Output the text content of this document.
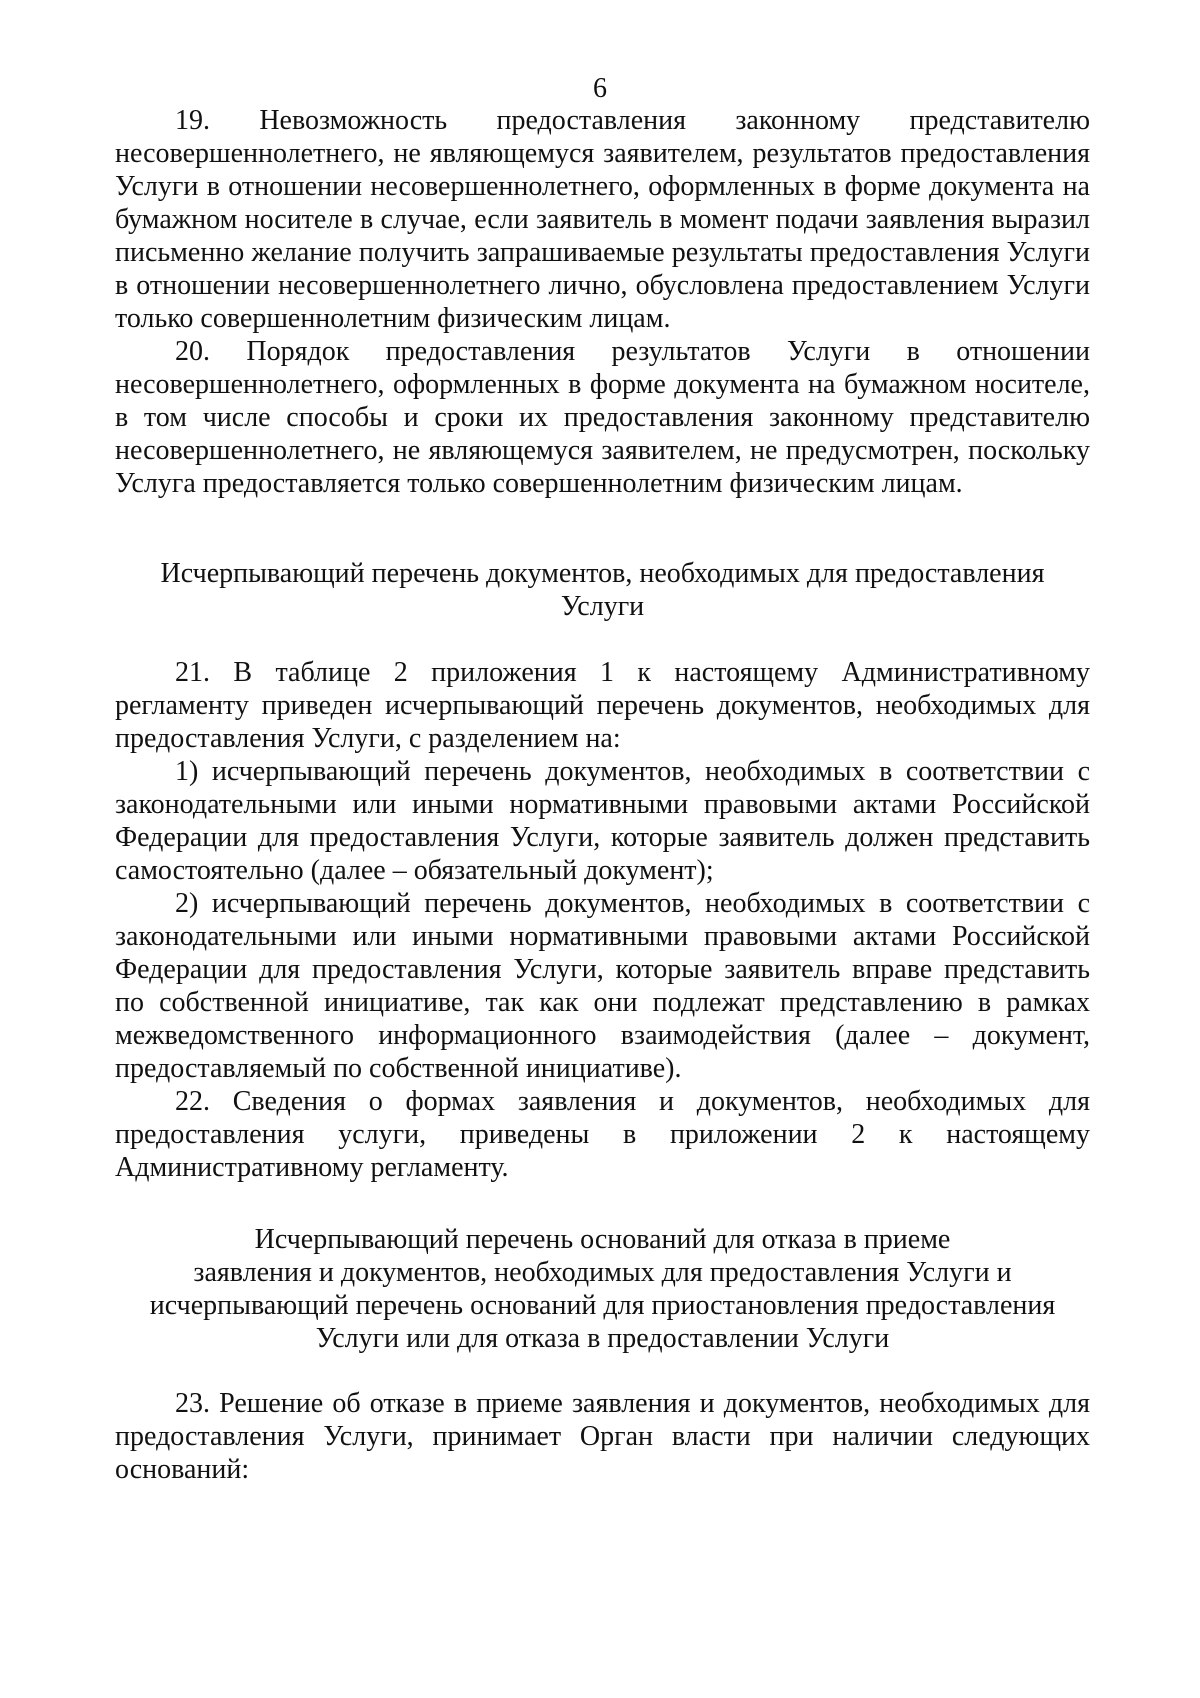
6

19. Невозможность предоставления законному представителю несовершеннолетнего, не являющемуся заявителем, результатов предоставления Услуги в отношении несовершеннолетнего, оформленных в форме документа на бумажном носителе в случае, если заявитель в момент подачи заявления выразил письменно желание получить запрашиваемые результаты предоставления Услуги в отношении несовершеннолетнего лично, обусловлена предоставлением Услуги только совершеннолетним физическим лицам.

20. Порядок предоставления результатов Услуги в отношении несовершеннолетнего, оформленных в форме документа на бумажном носителе, в том числе способы и сроки их предоставления законному представителю несовершеннолетнего, не являющемуся заявителем, не предусмотрен, поскольку Услуга предоставляется только совершеннолетним физическим лицам.

Исчерпывающий перечень документов, необходимых для предоставления
Услуги

21. В таблице 2 приложения 1 к настоящему Административному регламенту приведен исчерпывающий перечень документов, необходимых для предоставления Услуги, с разделением на:

1) исчерпывающий перечень документов, необходимых в соответствии с законодательными или иными нормативными правовыми актами Российской Федерации для предоставления Услуги, которые заявитель должен представить самостоятельно (далее – обязательный документ);

2) исчерпывающий перечень документов, необходимых в соответствии с законодательными или иными нормативными правовыми актами Российской Федерации для предоставления Услуги, которые заявитель вправе представить по собственной инициативе, так как они подлежат представлению в рамках межведомственного информационного взаимодействия (далее – документ, предоставляемый по собственной инициативе).

22. Сведения о формах заявления и документов, необходимых для предоставления услуги, приведены в приложении 2 к настоящему Административному регламенту.

Исчерпывающий перечень оснований для отказа в приеме
заявления и документов, необходимых для предоставления Услуги и
исчерпывающий перечень оснований для приостановления предоставления
Услуги или для отказа в предоставлении Услуги

23. Решение об отказе в приеме заявления и документов, необходимых для предоставления Услуги, принимает Орган власти при наличии следующих оснований:
